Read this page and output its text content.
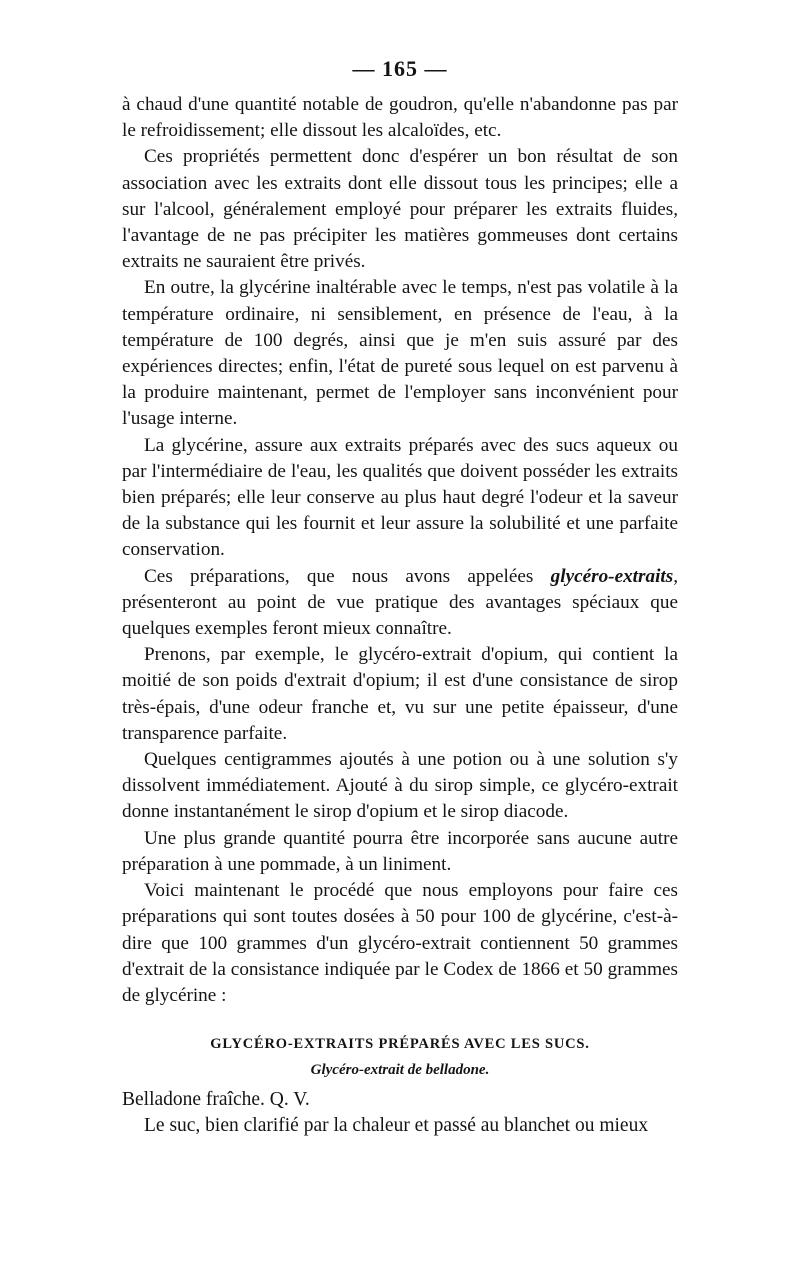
— 165 —

à chaud d'une quantité notable de goudron, qu'elle n'abandonne pas par le refroidissement; elle dissout les alcaloïdes, etc.

Ces propriétés permettent donc d'espérer un bon résultat de son association avec les extraits dont elle dissout tous les principes; elle a sur l'alcool, généralement employé pour préparer les extraits fluides, l'avantage de ne pas précipiter les matières gommeuses dont certains extraits ne sauraient être privés.

En outre, la glycérine inaltérable avec le temps, n'est pas volatile à la température ordinaire, ni sensiblement, en présence de l'eau, à la température de 100 degrés, ainsi que je m'en suis assuré par des expériences directes; enfin, l'état de pureté sous lequel on est parvenu à la produire maintenant, permet de l'employer sans inconvénient pour l'usage interne.

La glycérine, assure aux extraits préparés avec des sucs aqueux ou par l'intermédiaire de l'eau, les qualités que doivent posséder les extraits bien préparés; elle leur conserve au plus haut degré l'odeur et la saveur de la substance qui les fournit et leur assure la solubilité et une parfaite conservation.

Ces préparations, que nous avons appelées glycéro-extraits, présenteront au point de vue pratique des avantages spéciaux que quelques exemples feront mieux connaître.

Prenons, par exemple, le glycéro-extrait d'opium, qui contient la moitié de son poids d'extrait d'opium; il est d'une consistance de sirop très-épais, d'une odeur franche et, vu sur une petite épaisseur, d'une transparence parfaite.

Quelques centigrammes ajoutés à une potion ou à une solution s'y dissolvent immédiatement. Ajouté à du sirop simple, ce glycéro-extrait donne instantanément le sirop d'opium et le sirop diacode.

Une plus grande quantité pourra être incorporée sans aucune autre préparation à une pommade, à un liniment.

Voici maintenant le procédé que nous employons pour faire ces préparations qui sont toutes dosées à 50 pour 100 de glycérine, c'est-à-dire que 100 grammes d'un glycéro-extrait contiennent 50 grammes d'extrait de la consistance indiquée par le Codex de 1866 et 50 grammes de glycérine :

GLYCÉRO-EXTRAITS PRÉPARÉS AVEC LES SUCS.
Glycéro-extrait de belladone.

Belladone fraîche. Q. V.

Le suc, bien clarifié par la chaleur et passé au blanchet ou mieux
